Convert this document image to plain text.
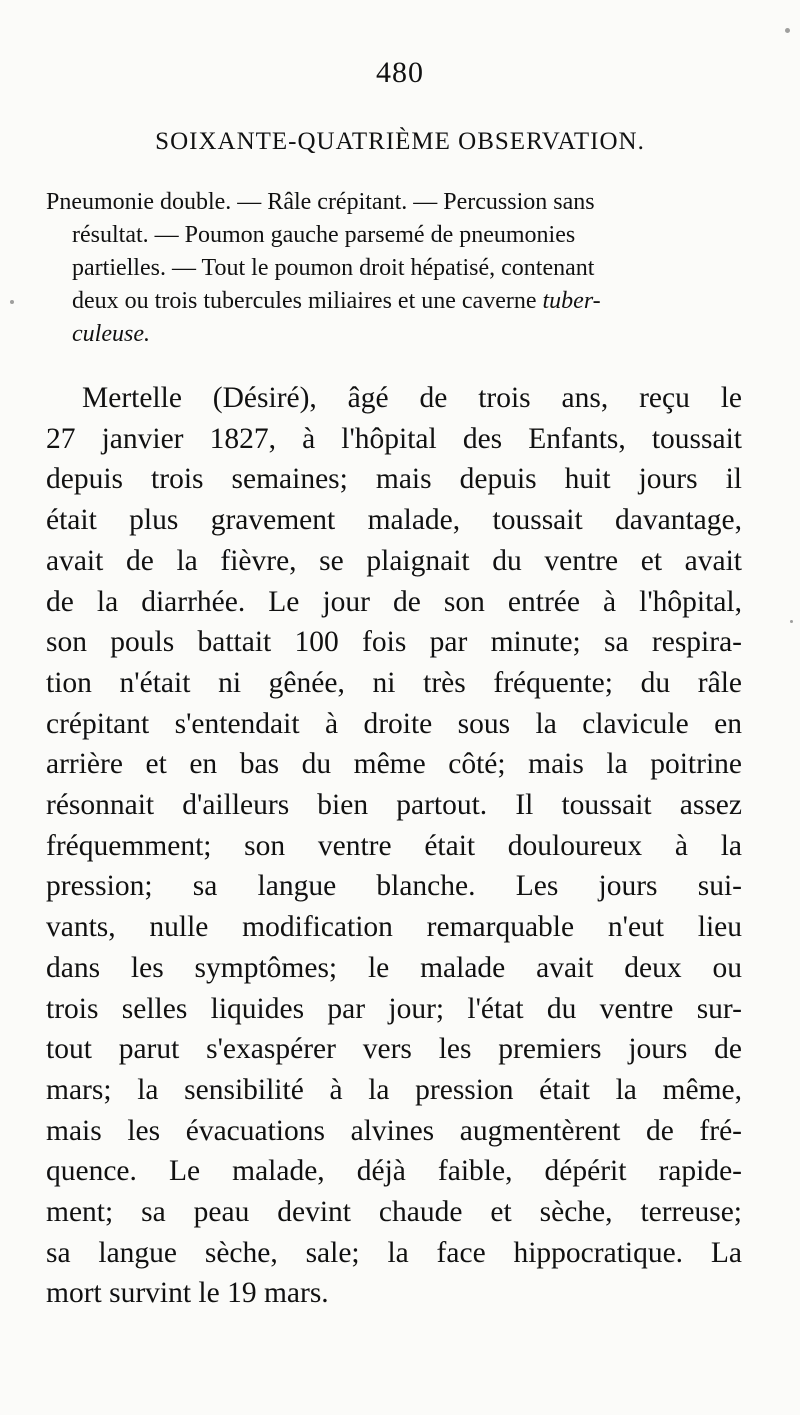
480
SOIXANTE-QUATRIÈME OBSERVATION.
Pneumonie double. — Râle crépitant. — Percussion sans
résultat. — Poumon gauche parsemé de pneumonies
partielles. — Tout le poumon droit hépatisé, contenant
deux ou trois tubercules miliaires et une caverne tuber-
culeuse.
Mertelle (Désiré), âgé de trois ans, reçu le
27 janvier 1827, à l'hôpital des Enfants, toussait
depuis trois semaines; mais depuis huit jours il
était plus gravement malade, toussait davantage,
avait de la fièvre, se plaignait du ventre et avait
de la diarrhée. Le jour de son entrée à l'hôpital,
son pouls battait 100 fois par minute; sa respira-
tion n'était ni gênée, ni très fréquente; du râle
crépitant s'entendait à droite sous la clavicule en
arrière et en bas du même côté; mais la poitrine
résonnait d'ailleurs bien partout. Il toussait assez
fréquemment; son ventre était douloureux à la
pression; sa langue blanche. Les jours sui-
vants, nulle modification remarquable n'eut lieu
dans les symptômes; le malade avait deux ou
trois selles liquides par jour; l'état du ventre sur-
tout parut s'exaspérer vers les premiers jours de
mars; la sensibilité à la pression était la même,
mais les évacuations alvines augmentèrent de fré-
quence. Le malade, déjà faible, dépérit rapide-
ment; sa peau devint chaude et sèche, terreuse;
sa langue sèche, sale; la face hippocratique. La
mort survint le 19 mars.
